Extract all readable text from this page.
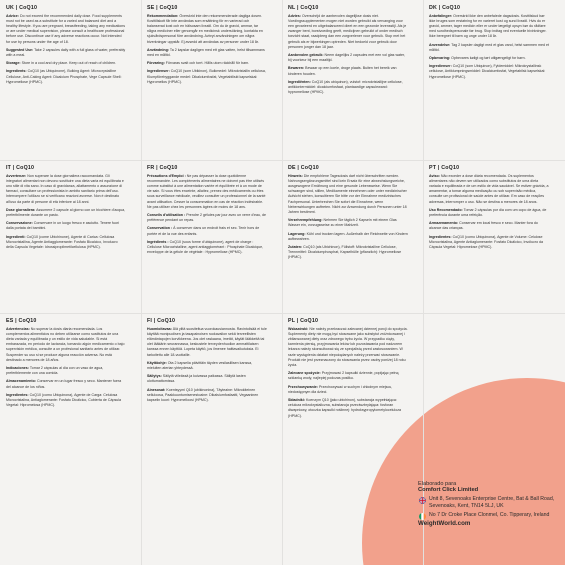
UK | CoQ10

Advice: Do not exceed the recommended daily dose. Food supplements must not be used as a substitute for a varied and balanced diet and a healthy lifestyle. If you are pregnant, breastfeeding, taking any medications or are under medical supervision, please consult a healthcare professional before use. Discontinue use if any adverse reactions occur. Not intended for use by persons under the age of 18.

Suggested Use: Take 2 capsules daily with a full glass of water, preferably with a meal.

Storage: Store in a cool and dry place. Keep out of reach of children.

Ingredients: CoQ10 (as Ubiquinone), Bulking Agent: Microcrystalline Cellulose, Anti-Caking Agent: Dicalcium Phosphate, Vege Capsule Shell: Hypromellose (HPMC).

SE | CoQ10

Rekommendation: Överskrid inte den rekommenderade dagliga dosen. Kosttillskott får inte användas som ersättning för en varierad och balanserad kost och en hälsosam livsstil. Om du är gravid, ammar, tar några mediciner eller genomgår en medicinsk undersökning, kontakta en sjukvårdspersonal före användning. Avbryt användningen om några biverkningar uppstår. Ej avsedd att användas av personer under 18 år.

Användning: Ta 2 kapslar dagligen med ett glas vatten, helst tillsammans med en måltid.

Förvaring: Förvaras svalt och torrt. Hålls utom räckhåll för barn.

Ingredienser: CoQ10 (som Ubikinon), Bulkmedel: Mikrokristallin cellulosa, Klumpförebyggande medel: Dikalciumfosfat, Vegetabiliskt kapselskal: Hypromellos (HPMC).

NL | CoQ10

Advies: Overschrijd de aanbevolen dagelijkse dosis niet. Voedingssupplementen mogen niet worden gebruikt als vervanging voor een gevarieerd en uitgebalanceerd dieet en een gezonde levensstijl. Als je zwanger bent, borstvoeding geeft, medicijnen gebruikt of onder medisch toezicht staat, raadpleeg dan een zorgverlener voor gebruik. Stop met het gebruik als er bijwerkingen optreden. Niet bedoeld voor gebruik door personen jonger dan 18 jaar.

Aanbevolen gebruik: Neem dagelijks 2 capsules met een vol glas water, bij voorkeur bij een maaltijd.

Bewaren: Bewaar op een koele, droge plaats. Buiten het bereik van kinderen houden.

Ingrediënten: CoQ10 (als ubiquinon), vulstof: microkristallijne cellulose, antiklontermiddel: dicalciumfosfaat, plantaardige capsulewand: hypromellose (HPMC).

DK | CoQ10

Anbefalinger: Overskrid ikke den anbefalede dagsdosis. Kosttilskud bør ikke bruges som erstatning for en varieret kost og sund livsstil. Hvis du er gravid, ammer, tager medicin eller er under lægeligt opsyn bør du rådføre med sundhedspersonale før brug. Stop indtag ved eventuelle bivirkninger. Ikke beregnet til børn og unge under 18 år.

Anvendelse: Tag 2 kapsler dagligt med et glas vand, helst sammen med et måltid.

Opbevaring: Opbevares køligt og tørt utilgængeligt for børn.

Ingredienser: CoQ10 (som Ubiquinon), Fyldemiddel: Mikrokrystallinsk cellulose, Antiklumpningsmiddel: Dicalciumfosfat, Vegetabilsk kapselskal: Hypromellose (HPMC).

IT | CoQ10

Avvertenze: Non superare la dose giornaliera raccomandata. Gli integratori alimentari non devono sostituire una dieta varia ed equilibrata e uno stile di vita sano. In caso di gravidanza, allattamento o assunzione di farmaci, consultare un professionista in ambito sanitario prima dell'uso. Interrompere l'utilizzo se si verificano reazioni avverse. Non è destinato all'uso da parte di persone di età inferiore ai 18 anni.

Dose giornaliera: Assumere 2 capsule al giorno con un bicchiere d'acqua, preferibilmente durante un pasto.

Conservazione: Conservare in un luogo fresco e asciutto. Tenere fuori dalla portata dei bambini.

Ingredienti: CoQ10 (come Ubichinone), Agente di Carica: Cellulosa Microcristallina, Agente Antiagglomerante: Fosfato Bicalcico, Involucro della Capsula Vegetale: Idrossipropilmetilcellulosa (HPMC).

FR | CoQ10

Précautions d'Emploi : Ne pas dépasser la dose quotidienne recommandée. Les compléments alimentaires ne doivent pas être utilisés comme substitut à une alimentation variée et équilibrée et à un mode de vie sain. Si vous êtes enceinte, allaitez, prenez des médicaments ou êtes sous surveillance médicale, veuillez consulter un professionnel de la santé avant utilisation. Cesser la consommation en cas de réaction indésirable. Ne pas utiliser chez les personnes âgées de moins de 18 ans.

Conseils d'utilisation : Prendre 2 gélules par jour avec un verre d'eau, de préférence pendant un repas.

Conservation : À conserver dans un endroit frais et sec. Tenir hors de portée et de la vue des enfants.

Ingrédients : CoQ10 (sous forme d'ubiquinone), agent de charge : Cellulose Microcristalline, agent antiagglomérant : Phosphate Dicalcique, enveloppe de la gélule de végétale : Hypromellose (HPMC).

DE | CoQ10

Hinweis: Die empfohlene Tagesdosis darf nicht überschritten werden. Nahrungsergänzungsmittel sind kein Ersatz für eine abwechslungsreiche, ausgewogene Ernährung und eine gesunde Lebensweise. Wenn Sie schwanger sind, stillen, Medikamente einnehmen oder unter medizinischer Aufsicht stehen, konsultieren Sie bitte vor der Einnahme medizinisches Fachpersonal. Unterbrechen Sie sofort die Einnahme, wenn Nebenwirkungen auftreten. Nicht zur Anwendung durch Personen unter 18 Jahren bestimmt.

Verzehrempfehlung: Nehmen Sie täglich 2 Kapseln mit einem Glas Wasser ein, vorzugsweise zu einer Mahlzeit.

Lagerung: Kühl und trocken lagern. Außerhalb der Reichweite von Kindern aufbewahren.

Zutaten: CoQ10 (als Ubichinon), Füllstoff: Mikrokristalline Cellulose, Trennmittel: Dicalciumphosphat, Kapselhülle (pflanzlich): Hypromellose (HPMC).

PT | CoQ10

Aviso: Não exceder a dose diária recomendada. Os suplementos alimentares não devem ser utilizados como substitutos de uma dieta variada e equilibrada e de um estilo de vida saudável. Se estiver grávida, a amamentar, a tomar alguma medicação ou sob supervisão médica, consulte um profissional de saúde antes de utilizar. Em caso de reações adversas, interromper o uso. Não se destina a menores de 18 anos.

Uso Recomendado: Tomar 2 cápsulas por dia com um copo de água, de preferência durante uma refeição.

Armazenamento: Conservar em local fresco e seco. Manter fora do alcance das crianças.

Ingredientes: CoQ10 (como Ubiquinona), Agente de Volume: Celulose Microcristalina, Agente Antiaglomerante: Fosfato Dicálcico, Invólucro da Cápsula Vegetal: Hipromelose (HPMC).

ES | CoQ10

Advertencias: No superar la dosis diaria recomendada. Los complementos alimenticios no deben utilizarse como sustitutos de una dieta variada y equilibrada y un estilo de vida saludable. Si está embarazada, en período de lactancia, tomando algún medicamento o bajo supervisión médica, consulte a un profesional sanitario antes de utilizar. Suspender su uso si se produce alguna reacción adversa. No está destinado a menores de 18 años.

Indicaciones: Tomar 2 cápsulas al día con un vaso de agua, preferiblemente con una comida.

Almacenamiento: Conservar en un lugar fresco y seco. Mantener fuera del alcance de los niños.

Ingredientes: CoQ10 (como Ubiquinona), Agente de Carga: Celulosa Microcristalina, Antiaglomerante: Fosfato Dicálcico, Cubierta de Cápsula Vegetal: Hipromelosa (HPMC).

FI | CoQ10

Huomioitavaa: Älä ylitä suositeltua vuorokausiannosta. Ravintolisää ei tule käyttää monipuolisen ja tasapainoisen ruokavalion sekä terveellisten elämäntapojen korvikkeena. Jos olet raskaana, imetät, käytät lääkkeitä tai olet lääkärin seurannassa, keskustele terveydenhuollon ammattilaisen kanssa ennen käyttöä. Lopeta käyttö, jos ilmenee haittavaikutuksia. Ei tarkoitettu alle 18-vuotiaille.

Käyttöohje: Ota 2 kapselia päivittäin täyden vesilasillisen kanssa, mieluiten aterian yhteydessä.

Säilytys: Säilytä viileässä ja kuivassa paikassa. Säilytä lasten ulottumattomissa.

Ainesosat: Koentsyymi Q10 (ubikinonina), Täyteaine: Mikrokiteinen selluloosa, Paakkuuntumisenestoaine: Dikalsiumfosfaatti, Vegaaninen kapselin kuori: Hypromelloosi (HPMC).

PL | CoQ10

Wskazówki: Nie należy przekraczać zalecanej dziennej porcji do spożycia. Suplementy diety nie mogą być stosowane jako substytut zróżnicowanej i zbilansowanej diety oraz zdrowego trybu życia. W przypadku ciąży, karmienia piersią, przyjmowania leków lub pozostawania pod nadzorem lekarza należy skonsultować się ze specjalistą przed zastosowaniem. W razie wystąpienia działań niepożądanych należy przerwać stosowanie. Produkt nie jest przeznaczony do stosowania przez osoby poniżej 18 roku życia.

Zalecane spożycie: Przyjmować 2 kapsułki dziennie, popijając pełną szklanką wody, najlepiej podczas posiłku.

Przechowywanie: Przechowywać w suchym i chłodnym miejscu, niedostępnym dla dzieci.

Składniki: Koenzym Q10 (jako ubichinon), substancja wypełniająca: celuloza mikrokrystaliczna, substancja przeciwzbrylająca: fosforan diwapniowy, otoczka kapsułki roślinnej: hydroksypropylometyloceluloza (HPMC).

Elaborado para
Comfort Click Limited
Unit 8, Sevenoaks Enterprise Centre, Bat & Ball Road, Sevenoaks, Kent, TN14 5LJ, UK
No 7 Dr Croke Place Clonmel, Co. Tipperary, Ireland
WeightWorld.com
